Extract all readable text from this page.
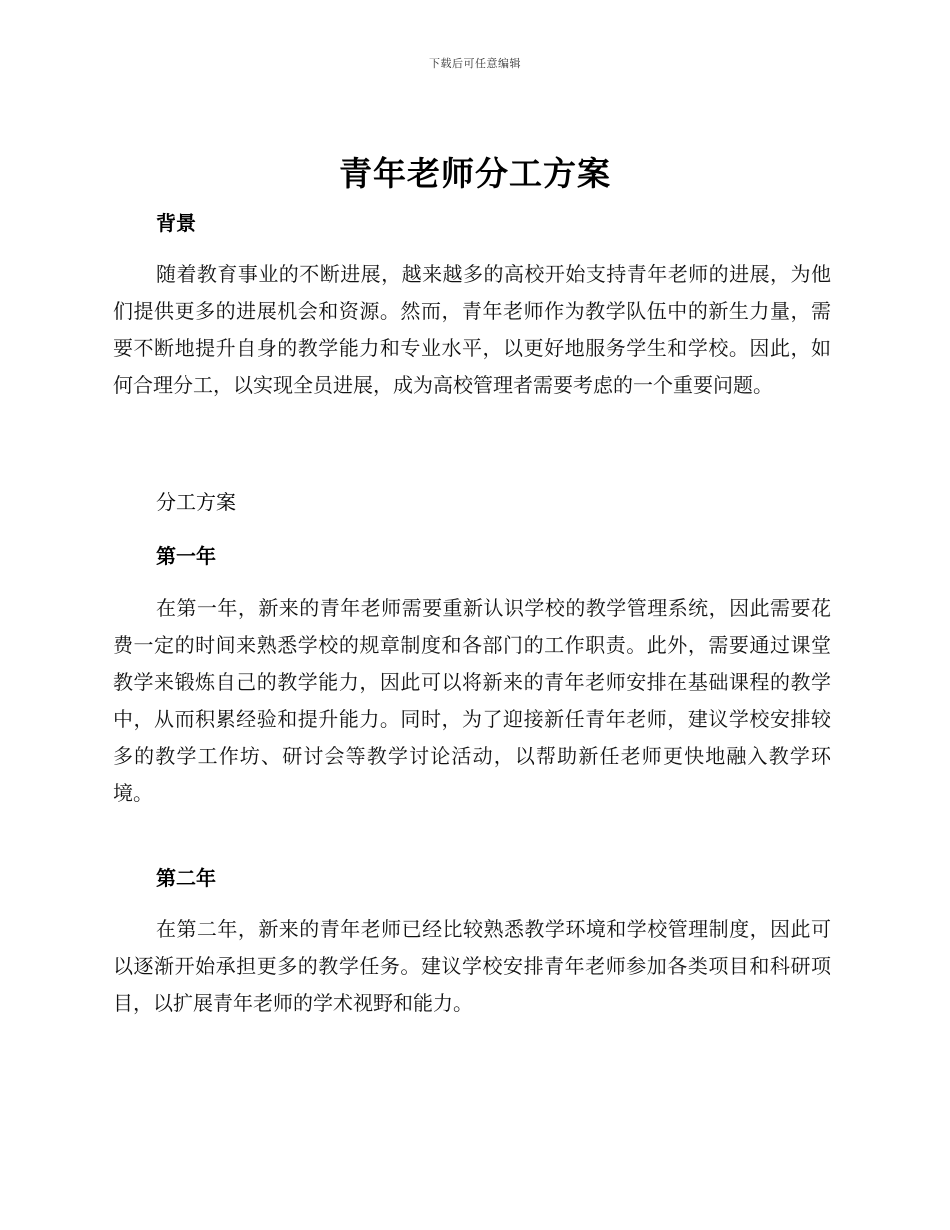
下载后可任意编辑
青年老师分工方案
背景

随着教育事业的不断进展，越来越多的高校开始支持青年老师的进展，为他们提供更多的进展机会和资源。然而，青年老师作为教学队伍中的新生力量，需要不断地提升自身的教学能力和专业水平，以更好地服务学生和学校。因此，如何合理分工，以实现全员进展，成为高校管理者需要考虑的一个重要问题。

分工方案
第一年

在第一年，新来的青年老师需要重新认识学校的教学管理系统，因此需要花费一定的时间来熟悉学校的规章制度和各部门的工作职责。此外，需要通过课堂教学来锻炼自己的教学能力，因此可以将新来的青年老师安排在基础课程的教学中，从而积累经验和提升能力。同时，为了迎接新任青年老师，建议学校安排较多的教学工作坊、研讨会等教学讨论活动，以帮助新任老师更快地融入教学环境。

第二年

在第二年，新来的青年老师已经比较熟悉教学环境和学校管理制度，因此可以逐渐开始承担更多的教学任务。建议学校安排青年老师参加各类项目和科研项目，以扩展青年老师的学术视野和能力。
